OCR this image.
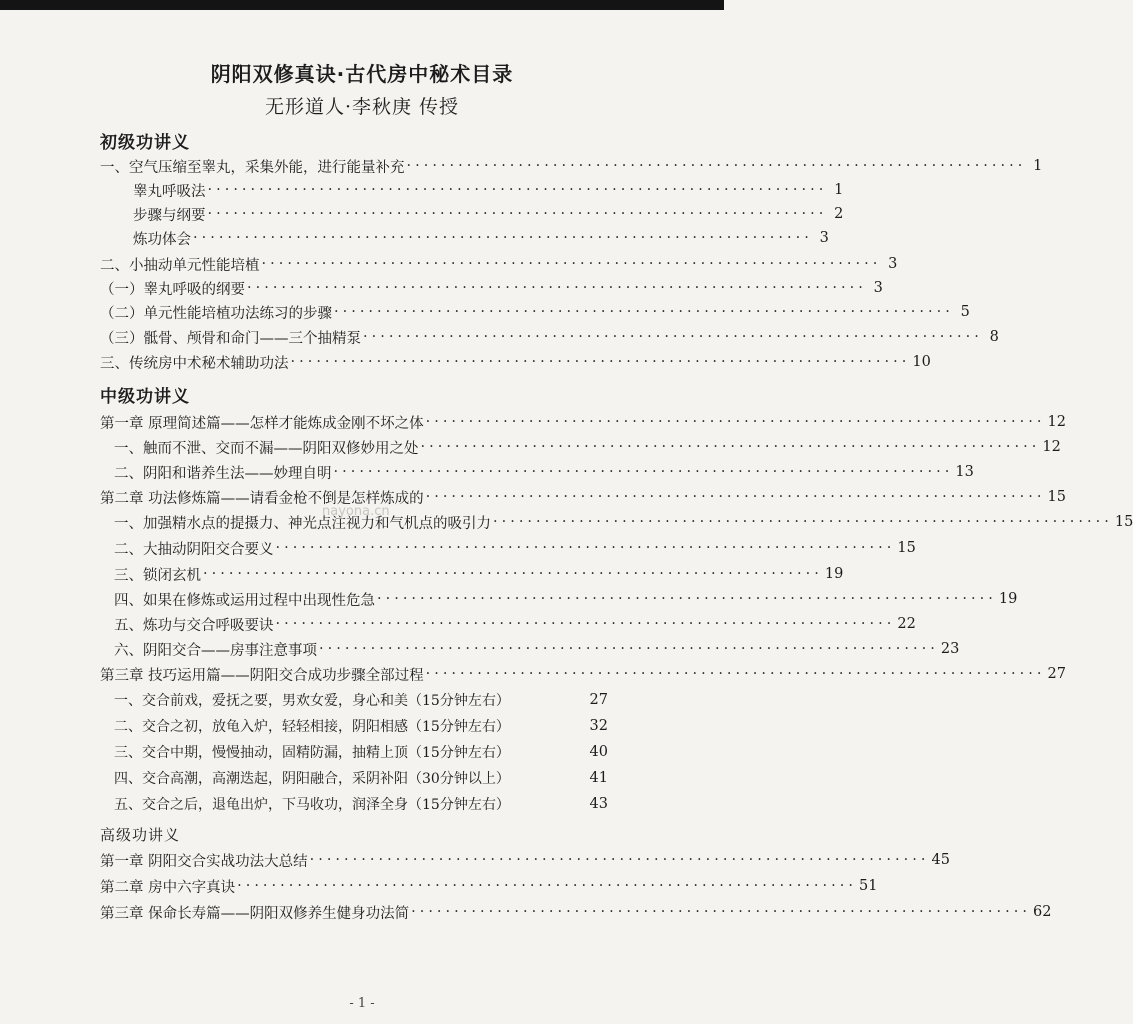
阴阳双修真诀·古代房中秘术目录
无形道人·李秋庚 传授
初级功讲义
一、空气压缩至睾丸，采集外能，进行能量补充 ········································································ 1
睾丸呼吸法 ········································································ 1
步骤与纲要 ········································································ 2
炼功体会 ········································································ 3
二、小抽动单元性能培植 ········································································ 3
（一）睾丸呼吸的纲要 ········································································ 3
（二）单元性能培植功法练习的步骤 ········································································ 5
（三）骶骨、颅骨和命门——三个抽精泵 ········································································ 8
三、传统房中术秘术辅助功法 ········································································ 10
中级功讲义
第一章 原理简述篇——怎样才能炼成金刚不坏之体 ········································································ 12
一、触而不泄、交而不漏——阴阳双修妙用之处 ········································································ 12
二、阴阳和谐养生法——妙理自明 ········································································ 13
第二章 功法修炼篇——请看金枪不倒是怎样炼成的 ········································································ 15
一、加强精水点的提摄力、神光点注视力和气机点的吸引力 ········································································ 15
二、大抽动阴阳交合要义 ········································································ 15
三、锁闭玄机 ········································································ 19
四、如果在修炼或运用过程中出现性危急 ········································································ 19
五、炼功与交合呼吸要诀 ········································································ 22
六、阴阳交合——房事注意事项 ········································································ 23
第三章 技巧运用篇——阴阳交合成功步骤全部过程 ········································································ 27
一、交合前戏，爱抚之要，男欢女爱，身心和美（15分钟左右）	27
二、交合之初，放龟入炉，轻轻相接，阴阳相感（15分钟左右）	32
三、交合中期，慢慢抽动，固精防漏，抽精上顶（15分钟左右）	40
四、交合高潮，高潮迭起，阴阳融合，采阴补阳（30分钟以上）	41
五、交合之后，退龟出炉，下马收功，润泽全身（15分钟左右）	43
高级功讲义
第一章 阴阳交合实战功法大总结 ········································································ 45
第二章 房中六字真诀 ········································································ 51
第三章 保命长寿篇——阴阳双修养生健身功法简 ········································································ 62
nayona.cn
- 1 -
